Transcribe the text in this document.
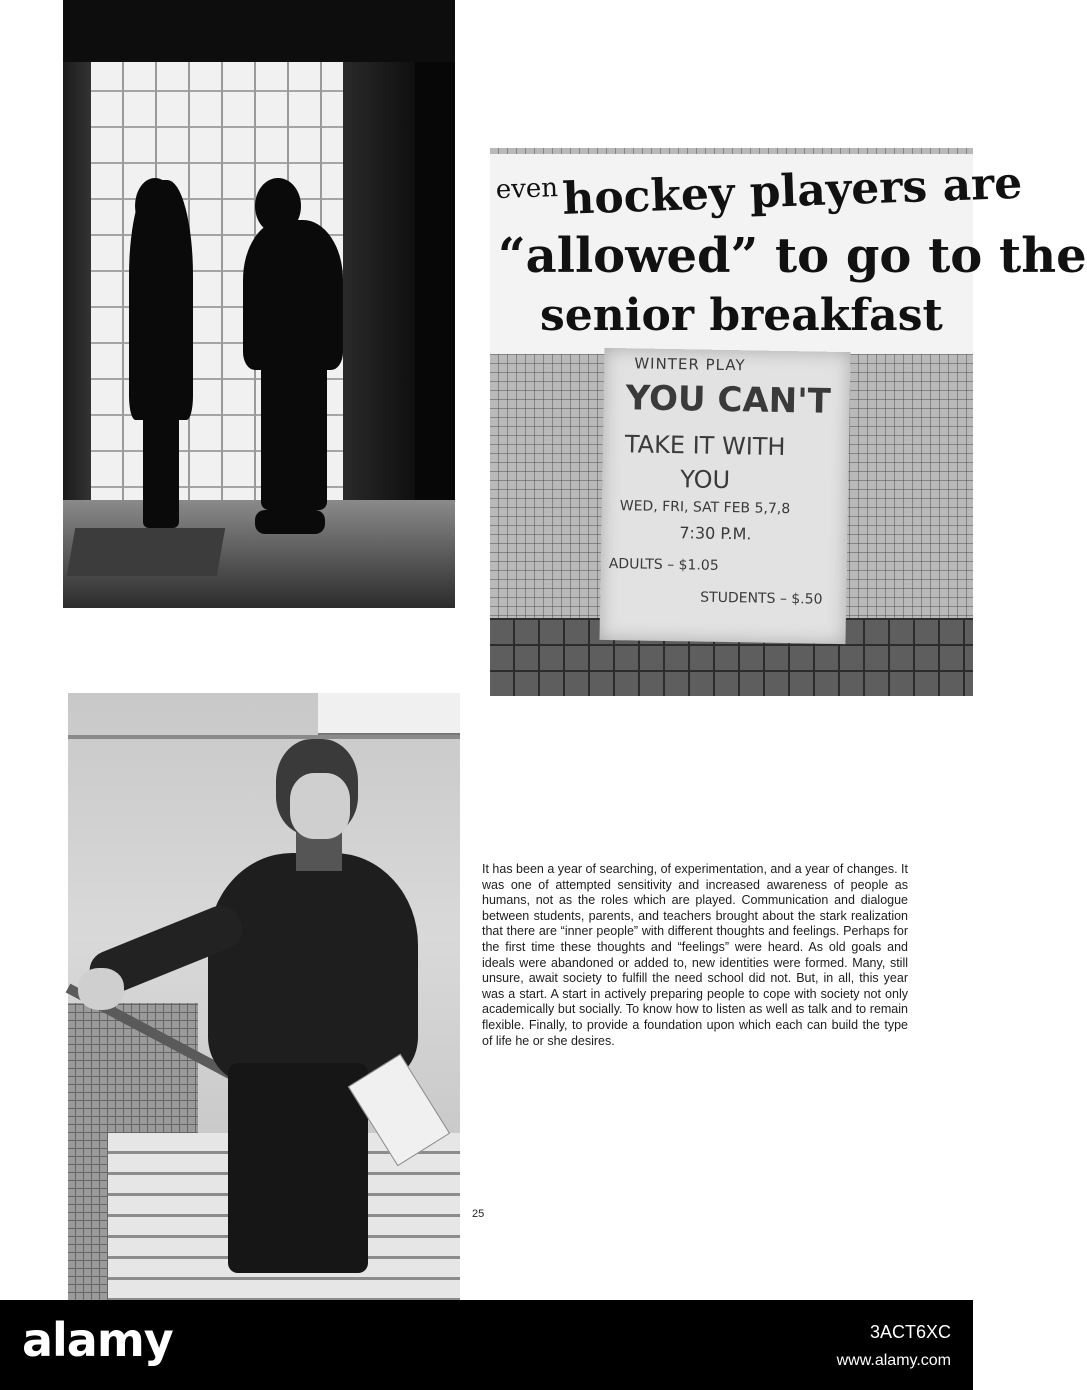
$^{even}$hockey players are
“allowed” to go to the
senior breakfast
WINTER PLAY
YOU CAN'T
TAKE IT WITH
YOU
WED, FRI, SAT FEB 5,7,8
7:30 P.M.
ADULTS – $1.05
STUDENTS – $.50

It has been a year of searching, of experimentation, and a year of changes. It was one of attempted sensitivity and increased awareness of people as humans, not as the roles which are played. Communication and dialogue between students, parents, and teachers brought about the stark realization that there are “inner people” with different thoughts and feelings. Perhaps for the first time these thoughts and “feelings” were heard. As old goals and ideals were abandoned or added to, new identities were formed. Many, still unsure, await society to fulfill the need school did not. But, in all, this year was a start. A start in actively preparing people to cope with society not only academically but socially. To know how to listen as well as talk and to remain flexible. Finally, to provide a foundation upon which each can build the type of life he or she desires.

25
alamy	3ACT6XC
www.alamy.com
